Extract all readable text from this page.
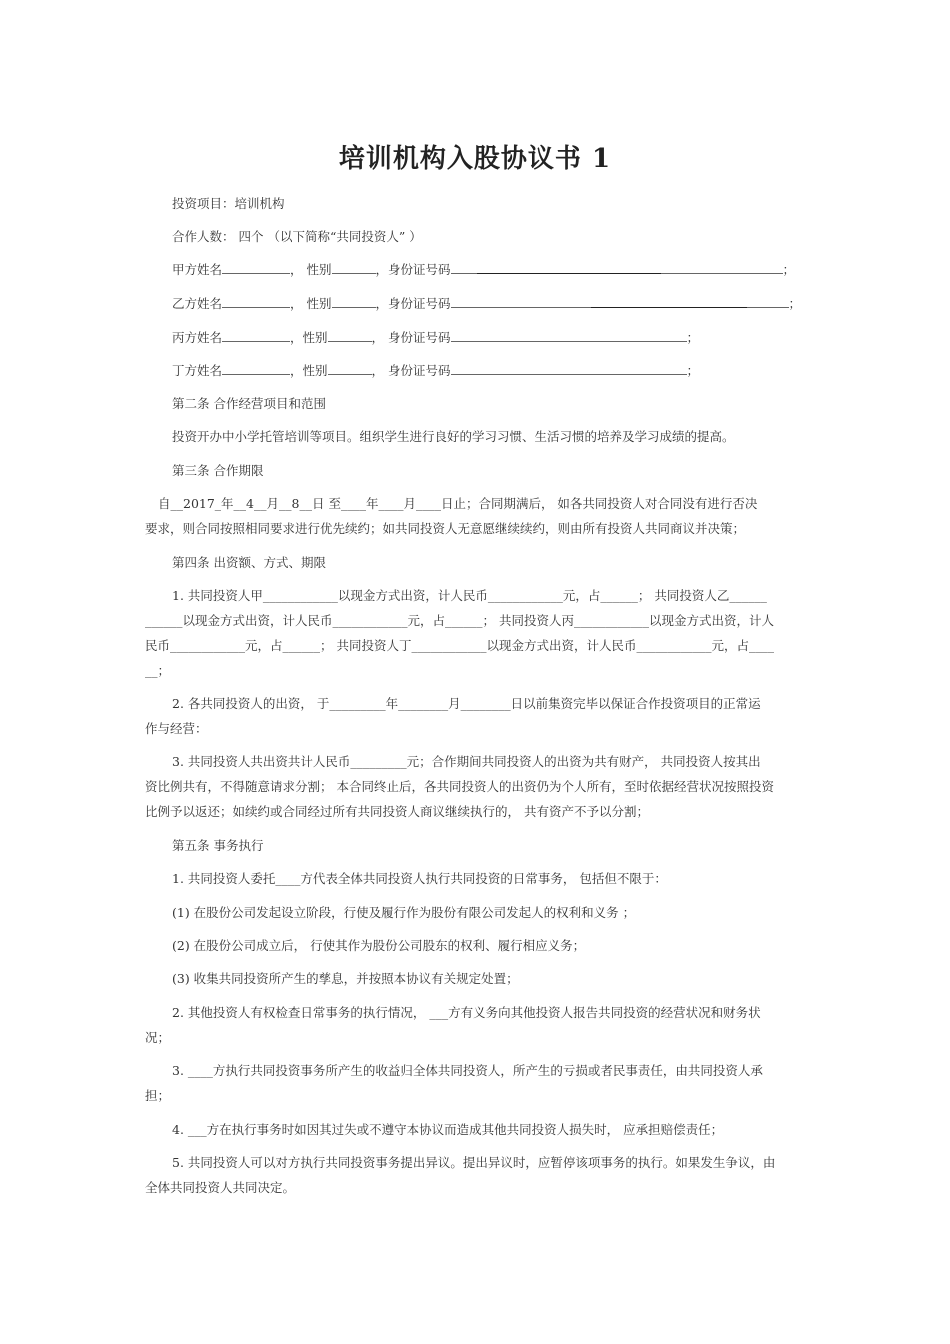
培训机构入股协议书 1
投资项目：培训机构
合作人数： 四个 （以下简称“共同投资人” ）
甲方姓名	， 性别	，身份证号码	；
乙方姓名	， 性别	，身份证号码	；
丙方姓名	，性别	， 身份证号码	；
丁方姓名	，性别	， 身份证号码	；
第二条 合作经营项目和范围
投资开办中小学托管培训等项目。组织学生进行良好的学习习惯、生活习惯的培养及学习成绩的提高。
第三条 合作期限
自__2017_年__4__月__8__日 至____年____月____日止；合同期满后， 如各共同投资人对合同没有进行否决
要求，则合同按照相同要求进行优先续约；如共同投资人无意愿继续续约，则由所有投资人共同商议并决策；
第四条 出资额、方式、期限
1. 共同投资人甲____________以现金方式出资，计人民币____________元，占______； 共同投资人乙______
______以现金方式出资，计人民币____________元，占______； 共同投资人丙____________以现金方式出资，计人
民币____________元，占______； 共同投资人丁____________以现金方式出资，计人民币____________元，占____
__；
2. 各共同投资人的出资， 于_________年________月________日以前集资完毕以保证合作投资项目的正常运
作与经营：
3. 共同投资人共出资共计人民币_________元；合作期间共同投资人的出资为共有财产， 共同投资人按其出
资比例共有，不得随意请求分割； 本合同终止后，各共同投资人的出资仍为个人所有，至时依据经营状况按照投资
比例予以返还；如续约或合同经过所有共同投资人商议继续执行的， 共有资产不予以分割；
第五条 事务执行
1. 共同投资人委托____方代表全体共同投资人执行共同投资的日常事务， 包括但不限于：
(1) 在股份公司发起设立阶段，行使及履行作为股份有限公司发起人的权利和义务 ；
(2) 在股份公司成立后， 行使其作为股份公司股东的权利、履行相应义务；
(3) 收集共同投资所产生的孳息，并按照本协议有关规定处置；
2. 其他投资人有权检查日常事务的执行情况， ___方有义务向其他投资人报告共同投资的经营状况和财务状
况；
3. ____方执行共同投资事务所产生的收益归全体共同投资人，所产生的亏损或者民事责任，由共同投资人承
担；
4. ___方在执行事务时如因其过失或不遵守本协议而造成其他共同投资人损失时， 应承担赔偿责任；
5. 共同投资人可以对方执行共同投资事务提出异议。提出异议时，应暂停该项事务的执行。如果发生争议，由
全体共同投资人共同决定。
